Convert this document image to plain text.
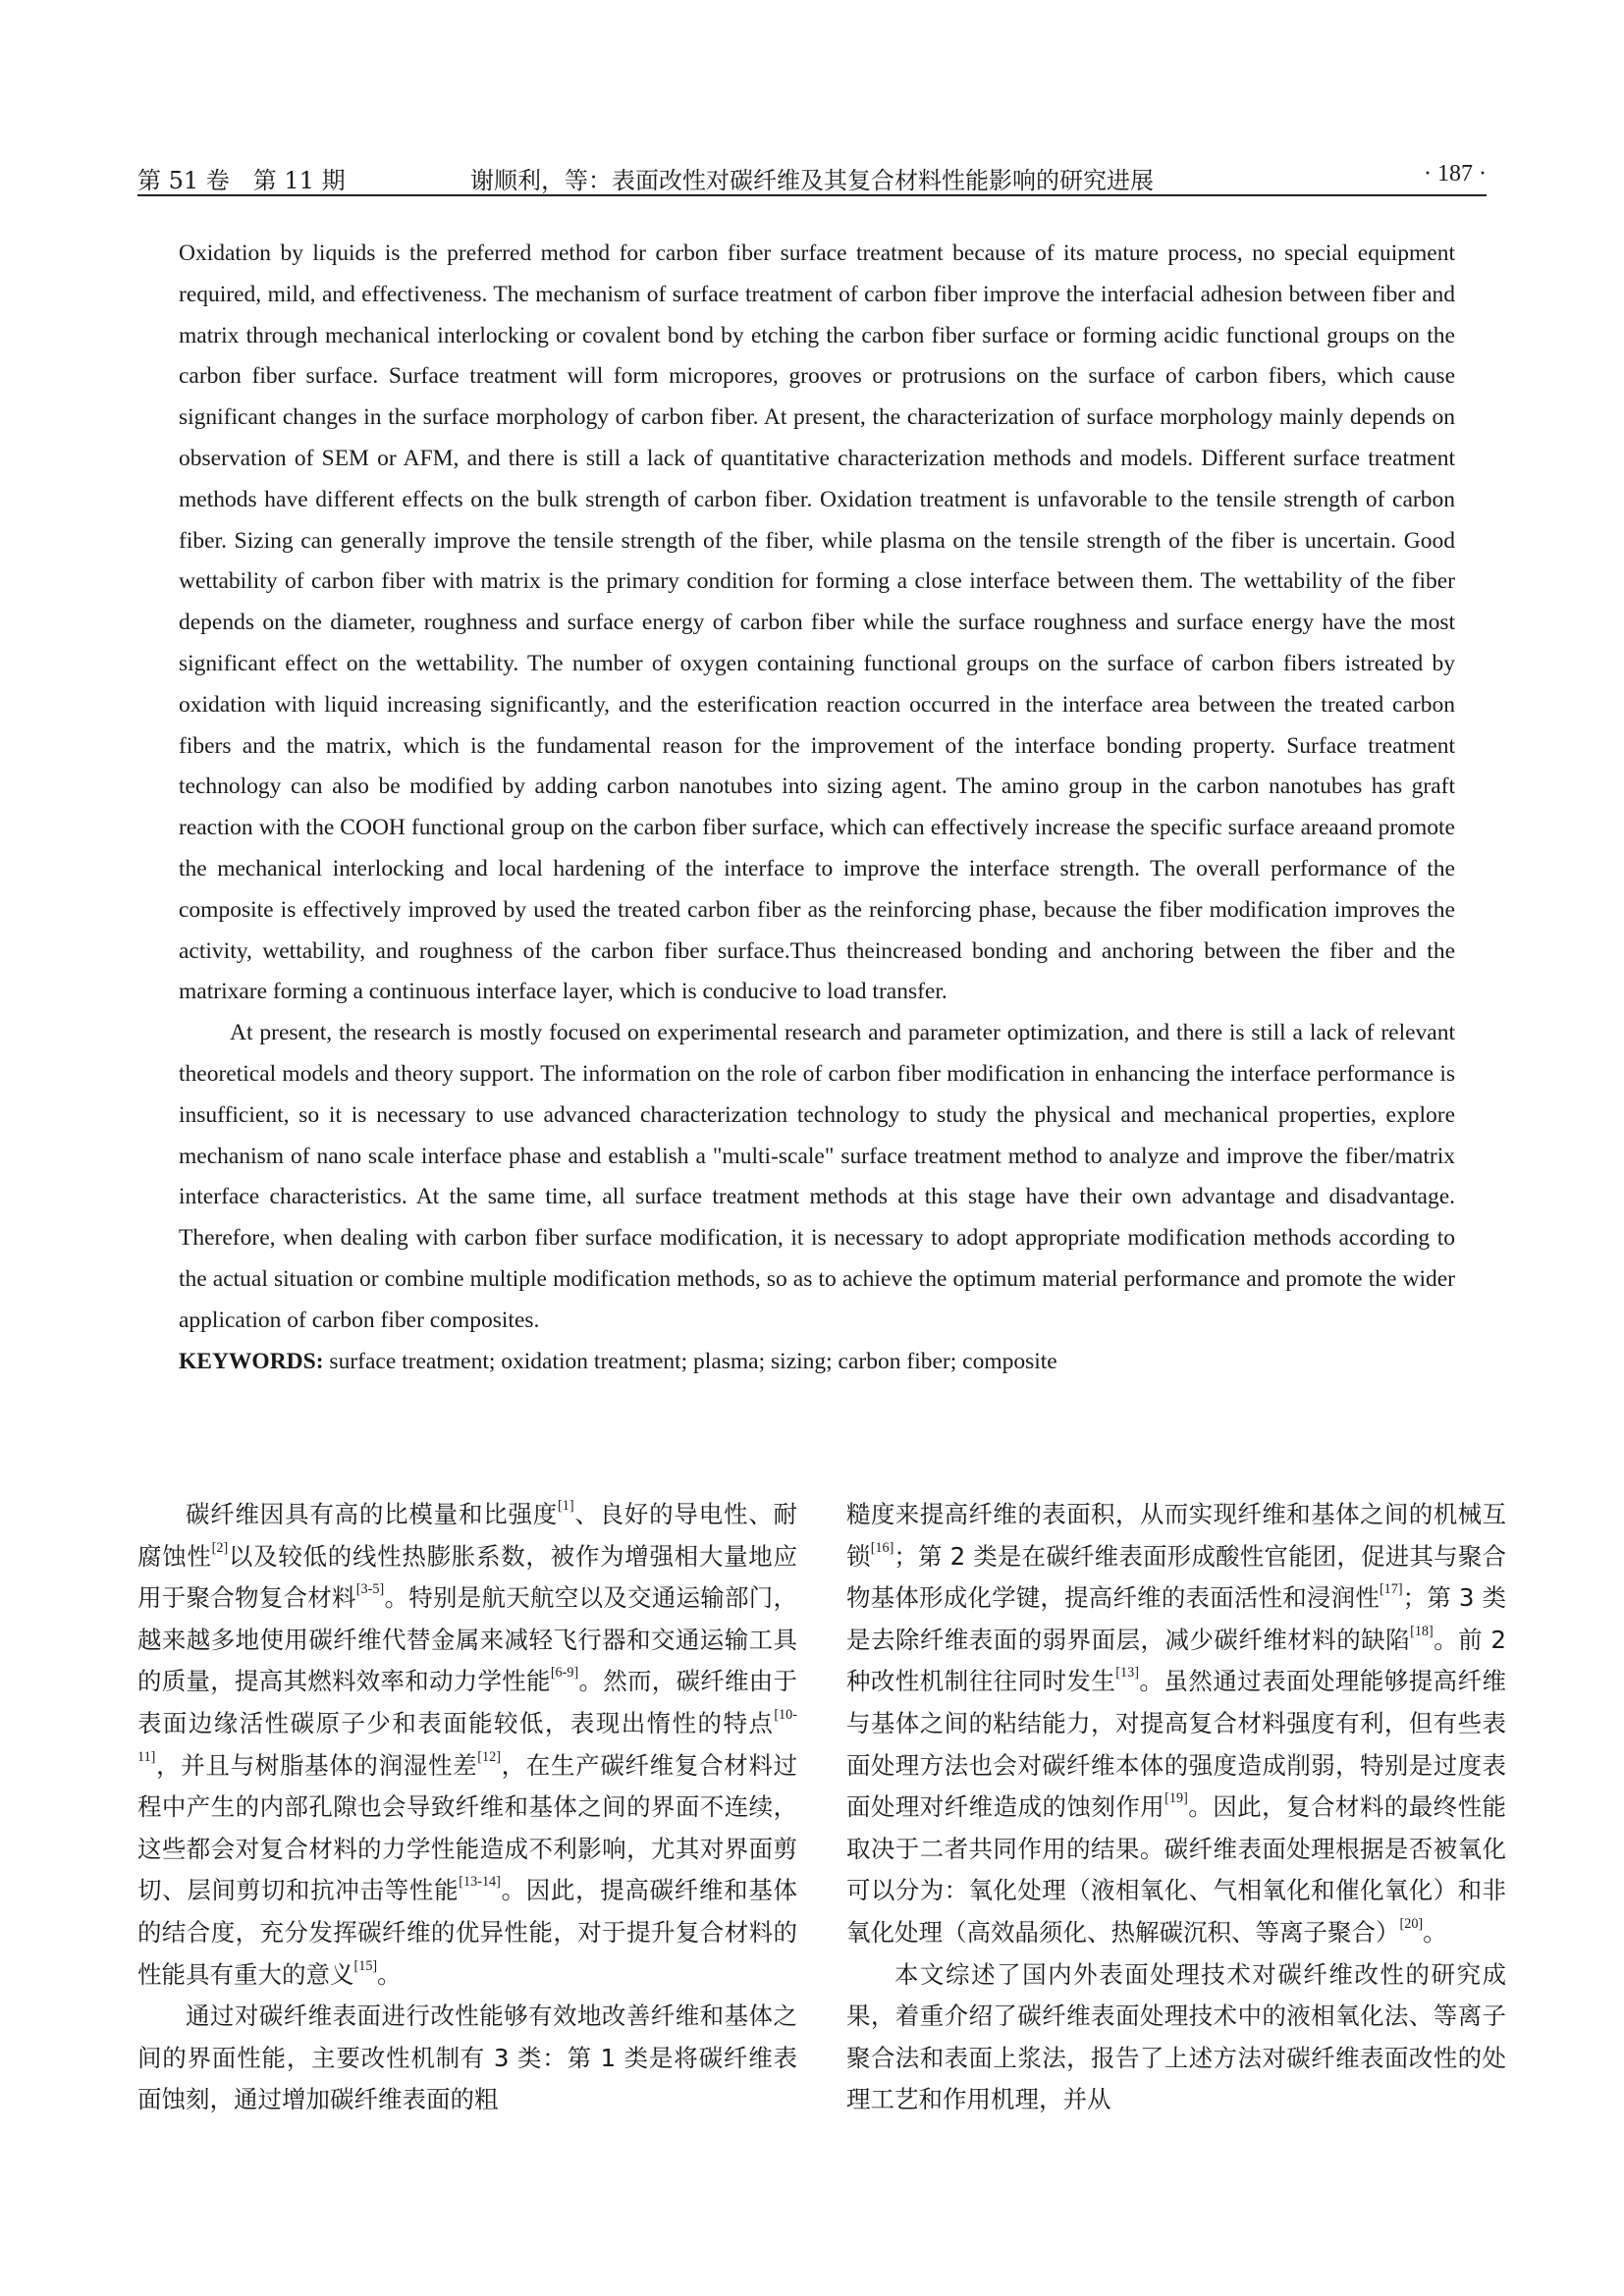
第 51 卷　第 11 期	谢顺利，等：表面改性对碳纤维及其复合材料性能影响的研究进展	· 187 ·

Oxidation by liquids is the preferred method for carbon fiber surface treatment because of its mature process, no special equipment required, mild, and effectiveness. The mechanism of surface treatment of carbon fiber improve the interfacial adhesion between fiber and matrix through mechanical interlocking or covalent bond by etching the carbon fiber surface or forming acidic functional groups on the carbon fiber surface. Surface treatment will form micropores, grooves or protrusions on the surface of carbon fibers, which cause significant changes in the surface morphology of carbon fiber. At present, the characterization of surface morphology mainly depends on observation of SEM or AFM, and there is still a lack of quantitative characterization methods and models. Different surface treatment methods have different effects on the bulk strength of carbon fiber. Oxidation treatment is unfavorable to the tensile strength of carbon fiber. Sizing can generally improve the tensile strength of the fiber, while plasma on the tensile strength of the fiber is uncertain. Good wettability of carbon fiber with matrix is the primary condition for forming a close interface between them. The wettability of the fiber depends on the diameter, roughness and surface energy of carbon fiber while the surface roughness and surface energy have the most significant effect on the wettability. The number of oxygen containing functional groups on the surface of carbon fibers istreated by oxidation with liquid increasing significantly, and the esterification reaction occurred in the interface area between the treated carbon fibers and the matrix, which is the fundamental reason for the improvement of the interface bonding property. Surface treatment technology can also be modified by adding carbon nanotubes into sizing agent. The amino group in the carbon nanotubes has graft reaction with the COOH functional group on the carbon fiber surface, which can effectively increase the specific surface areaand promote the mechanical interlocking and local hardening of the interface to improve the interface strength. The overall performance of the composite is effectively improved by used the treated carbon fiber as the reinforcing phase, because the fiber modification improves the activity, wettability, and roughness of the carbon fiber surface.Thus theincreased bonding and anchoring between the fiber and the matrixare forming a continuous interface layer, which is conducive to load transfer.

At present, the research is mostly focused on experimental research and parameter optimization, and there is still a lack of relevant theoretical models and theory support. The information on the role of carbon fiber modification in enhancing the interface performance is insufficient, so it is necessary to use advanced characterization technology to study the physical and mechanical properties, explore mechanism of nano scale interface phase and establish a "multi-scale" surface treatment method to analyze and improve the fiber/matrix interface characteristics. At the same time, all surface treatment methods at this stage have their own advantage and disadvantage. Therefore, when dealing with carbon fiber surface modification, it is necessary to adopt appropriate modification methods according to the actual situation or combine multiple modification methods, so as to achieve the optimum material performance and promote the wider application of carbon fiber composites.

KEYWORDS: surface treatment; oxidation treatment; plasma; sizing; carbon fiber; composite

碳纤维因具有高的比模量和比强度[1]、良好的导电性、耐腐蚀性[2]以及较低的线性热膨胀系数，被作为增强相大量地应用于聚合物复合材料[3-5]。特别是航天航空以及交通运输部门，越来越多地使用碳纤维代替金属来减轻飞行器和交通运输工具的质量，提高其燃料效率和动力学性能[6-9]。然而，碳纤维由于表面边缘活性碳原子少和表面能较低，表现出惰性的特点[10-11]，并且与树脂基体的润湿性差[12]，在生产碳纤维复合材料过程中产生的内部孔隙也会导致纤维和基体之间的界面不连续，这些都会对复合材料的力学性能造成不利影响，尤其对界面剪切、层间剪切和抗冲击等性能[13-14]。因此，提高碳纤维和基体的结合度，充分发挥碳纤维的优异性能，对于提升复合材料的性能具有重大的意义[15]。

通过对碳纤维表面进行改性能够有效地改善纤维和基体之间的界面性能，主要改性机制有 3 类：第 1 类是将碳纤维表面蚀刻，通过增加碳纤维表面的粗

糙度来提高纤维的表面积，从而实现纤维和基体之间的机械互锁[16]；第 2 类是在碳纤维表面形成酸性官能团，促进其与聚合物基体形成化学键，提高纤维的表面活性和浸润性[17]；第 3 类是去除纤维表面的弱界面层，减少碳纤维材料的缺陷[18]。前 2 种改性机制往往同时发生[13]。虽然通过表面处理能够提高纤维与基体之间的粘结能力，对提高复合材料强度有利，但有些表面处理方法也会对碳纤维本体的强度造成削弱，特别是过度表面处理对纤维造成的蚀刻作用[19]。因此，复合材料的最终性能取决于二者共同作用的结果。碳纤维表面处理根据是否被氧化可以分为：氧化处理（液相氧化、气相氧化和催化氧化）和非氧化处理（高效晶须化、热解碳沉积、等离子聚合）[20]。

本文综述了国内外表面处理技术对碳纤维改性的研究成果，着重介绍了碳纤维表面处理技术中的液相氧化法、等离子聚合法和表面上浆法，报告了上述方法对碳纤维表面改性的处理工艺和作用机理，并从
